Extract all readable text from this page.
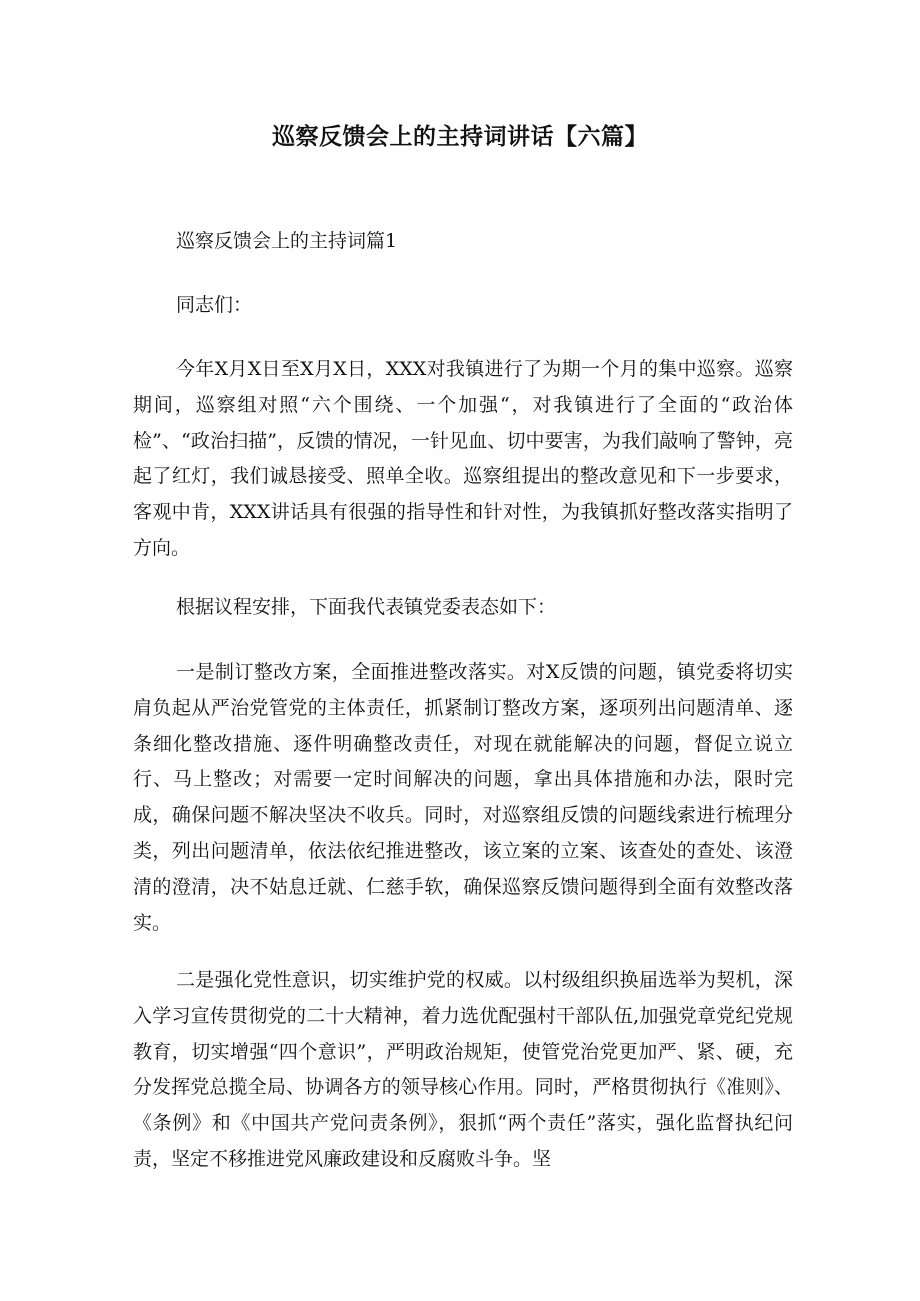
巡察反馈会上的主持词讲话【六篇】
巡察反馈会上的主持词篇1
同志们：
今年X月X日至X月X日，XXX对我镇进行了为期一个月的集中巡察。巡察期间，巡察组对照“六个围绕、一个加强“，对我镇进行了全面的“政治体检”、“政治扫描”，反馈的情况，一针见血、切中要害，为我们敲响了警钟，亮起了红灯，我们诚恳接受、照单全收。巡察组提出的整改意见和下一步要求，客观中肯，XXX讲话具有很强的指导性和针对性，为我镇抓好整改落实指明了方向。
根据议程安排，下面我代表镇党委表态如下：
一是制订整改方案，全面推进整改落实。对X反馈的问题，镇党委将切实肩负起从严治党管党的主体责任，抓紧制订整改方案，逐项列出问题清单、逐条细化整改措施、逐件明确整改责任，对现在就能解决的问题，督促立说立行、马上整改；对需要一定时间解决的问题，拿出具体措施和办法，限时完成，确保问题不解决坚决不收兵。同时，对巡察组反馈的问题线索进行梳理分类，列出问题清单，依法依纪推进整改，该立案的立案、该查处的查处、该澄清的澄清，决不姑息迁就、仁慈手软，确保巡察反馈问题得到全面有效整改落实。
二是强化党性意识，切实维护党的权威。以村级组织换届选举为契机，深入学习宣传贯彻党的二十大精神，着力选优配强村干部队伍,加强党章党纪党规教育，切实增强“四个意识”，严明政治规矩，使管党治党更加严、紧、硬，充分发挥党总揽全局、协调各方的领导核心作用。同时，严格贯彻执行《准则》、《条例》和《中国共产党问责条例》，狠抓“两个责任”落实，强化监督执纪问责，坚定不移推进党风廉政建设和反腐败斗争。坚
